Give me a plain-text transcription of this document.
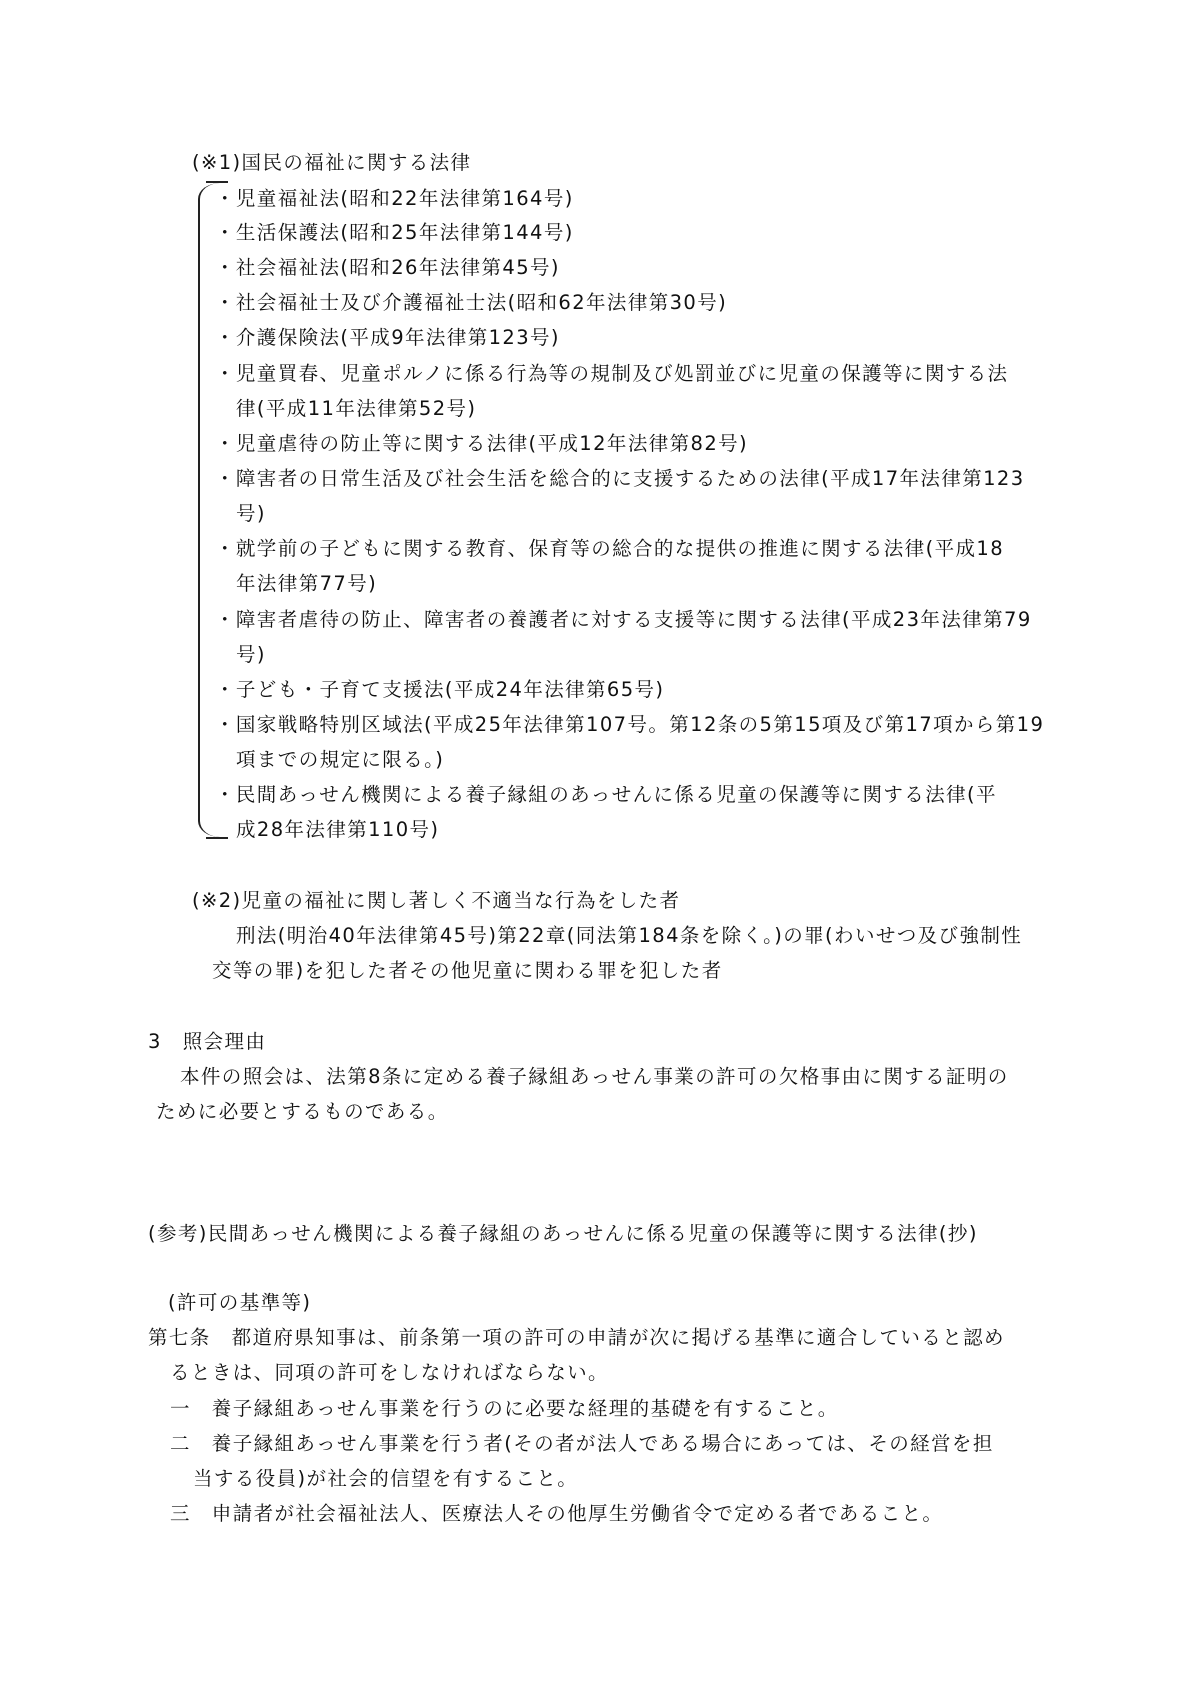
(※1)国民の福祉に関する法律
・児童福祉法(昭和22年法律第164号)
・生活保護法(昭和25年法律第144号)
・社会福祉法(昭和26年法律第45号)
・社会福祉士及び介護福祉士法(昭和62年法律第30号)
・介護保険法(平成9年法律第123号)
・児童買春、児童ポルノに係る行為等の規制及び処罰並びに児童の保護等に関する法
律(平成11年法律第52号)
・児童虐待の防止等に関する法律(平成12年法律第82号)
・障害者の日常生活及び社会生活を総合的に支援するための法律(平成17年法律第123
号)
・就学前の子どもに関する教育、保育等の総合的な提供の推進に関する法律(平成18
年法律第77号)
・障害者虐待の防止、障害者の養護者に対する支援等に関する法律(平成23年法律第79
号)
・子ども・子育て支援法(平成24年法律第65号)
・国家戦略特別区域法(平成25年法律第107号。第12条の5第15項及び第17項から第19
項までの規定に限る。)
・民間あっせん機関による養子縁組のあっせんに係る児童の保護等に関する法律(平
成28年法律第110号)
(※2)児童の福祉に関し著しく不適当な行為をした者
刑法(明治40年法律第45号)第22章(同法第184条を除く。)の罪(わいせつ及び強制性
交等の罪)を犯した者その他児童に関わる罪を犯した者
3　照会理由
本件の照会は、法第8条に定める養子縁組あっせん事業の許可の欠格事由に関する証明の
ために必要とするものである。
(参考)民間あっせん機関による養子縁組のあっせんに係る児童の保護等に関する法律(抄)
(許可の基準等)
第七条　都道府県知事は、前条第一項の許可の申請が次に掲げる基準に適合していると認め
るときは、同項の許可をしなければならない。
一　養子縁組あっせん事業を行うのに必要な経理的基礎を有すること。
二　養子縁組あっせん事業を行う者(その者が法人である場合にあっては、その経営を担
当する役員)が社会的信望を有すること。
三　申請者が社会福祉法人、医療法人その他厚生労働省令で定める者であること。
